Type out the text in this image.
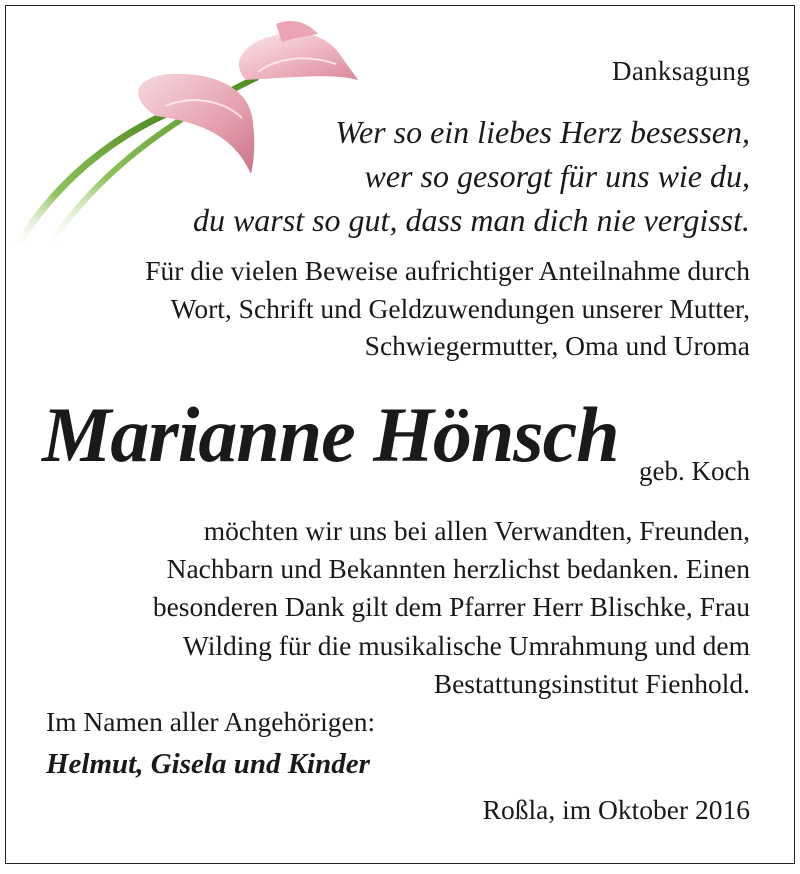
Danksagung
Wer so ein liebes Herz besessen,
wer so gesorgt für uns wie du,
du warst so gut, dass man dich nie vergisst.
Für die vielen Beweise aufrichtiger Anteilnahme durch
Wort, Schrift und Geldzuwendungen unserer Mutter,
Schwiegermutter, Oma und Uroma
Marianne Hönsch geb. Koch
möchten wir uns bei allen Verwandten, Freunden,
Nachbarn und Bekannten herzlichst bedanken. Einen
besonderen Dank gilt dem Pfarrer Herr Blischke, Frau
Wilding für die musikalische Umrahmung und dem
Bestattungsinstitut Fienhold.
Im Namen aller Angehörigen:
Helmut, Gisela und Kinder
Roßla, im Oktober 2016
